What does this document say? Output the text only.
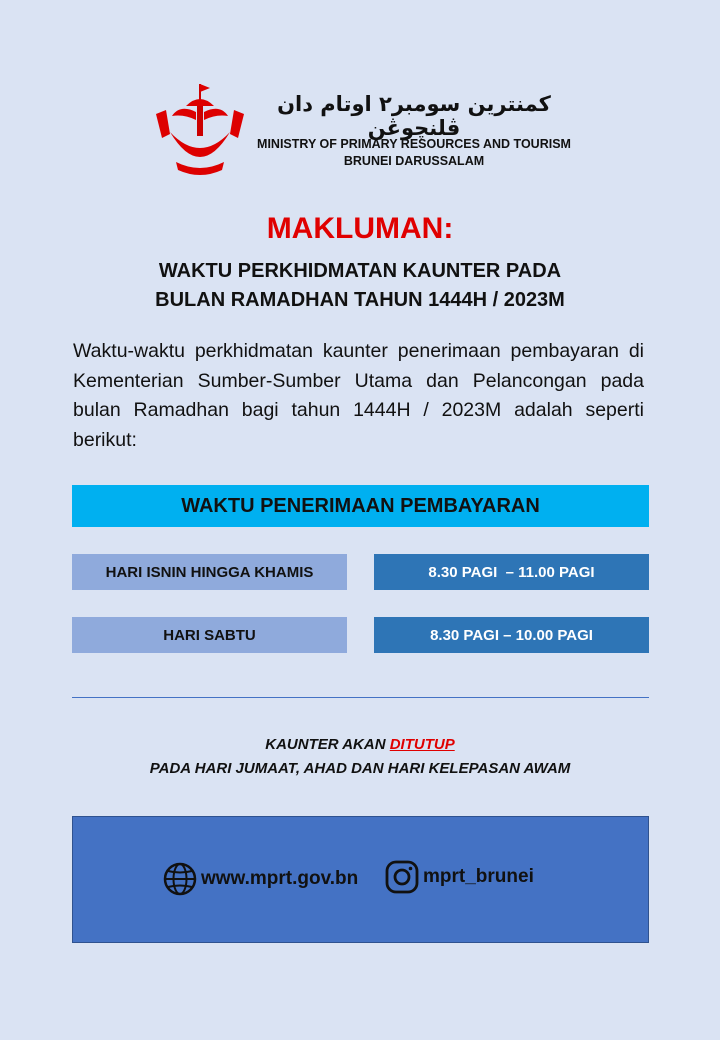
كمنترين سومبر٢ اوتام دان ڤلنچوڠن
MINISTRY OF PRIMARY RESOURCES AND TOURISM
BRUNEI DARUSSALAM
MAKLUMAN:
WAKTU PERKHIDMATAN KAUNTER PADA
BULAN RAMADHAN TAHUN 1444H / 2023M
Waktu-waktu perkhidmatan kaunter penerimaan pembayaran di Kementerian Sumber-Sumber Utama dan Pelancongan pada bulan Ramadhan bagi tahun 1444H / 2023M adalah seperti berikut:
WAKTU PENERIMAAN PEMBAYARAN
HARI ISNIN HINGGA KHAMIS	8.30 PAGI  – 11.00 PAGI
HARI SABTU	8.30 PAGI – 10.00 PAGI
KAUNTER AKAN DITUTUP
PADA HARI JUMAAT, AHAD DAN HARI KELEPASAN AWAM
www.mprt.gov.bn	mprt_brunei
